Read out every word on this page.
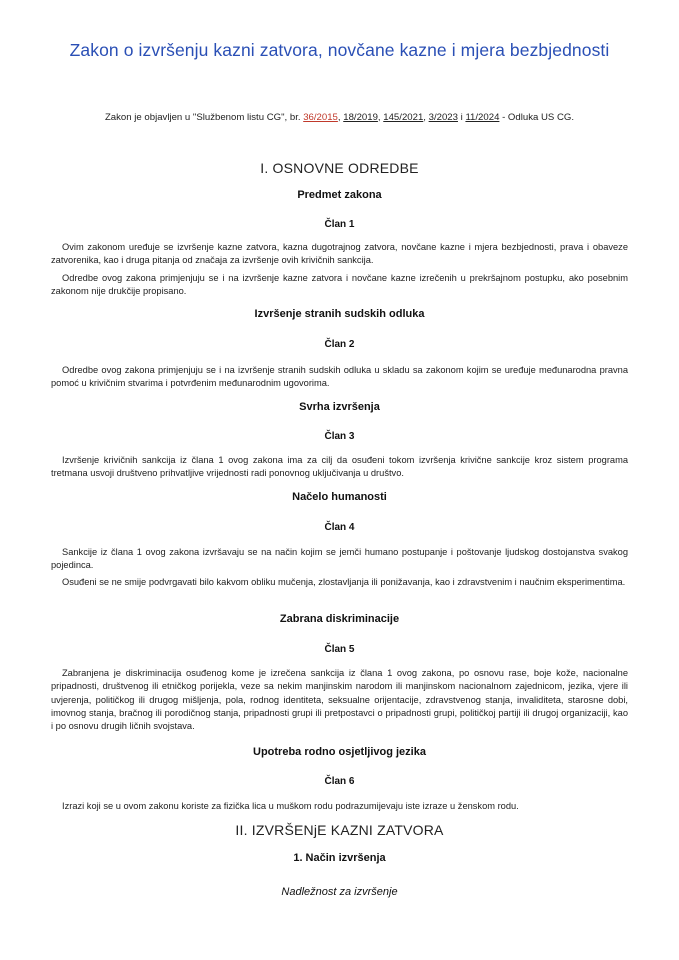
Zakon o izvršenju kazni zatvora, novčane kazne i mjera bezbjednosti
Zakon je objavljen u "Službenom listu CG", br. 36/2015, 18/2019, 145/2021, 3/2023 i 11/2024 - Odluka US CG.
I. OSNOVNE ODREDBE
Predmet zakona
Član 1

Ovim zakonom uređuje se izvršenje kazne zatvora, kazna dugotrajnog zatvora, novčane kazne i mjera bezbjednosti, prava i obaveze zatvorenika, kao i druga pitanja od značaja za izvršenje ovih krivičnih sankcija.

Odredbe ovog zakona primjenjuju se i na izvršenje kazne zatvora i novčane kazne izrečenih u prekršajnom postupku, ako posebnim zakonom nije drukčije propisano.

Izvršenje stranih sudskih odluka
Član 2

Odredbe ovog zakona primjenjuju se i na izvršenje stranih sudskih odluka u skladu sa zakonom kojim se uređuje međunarodna pravna pomoć u krivičnim stvarima i potvrđenim međunarodnim ugovorima.

Svrha izvršenja
Član 3

Izvršenje krivičnih sankcija iz člana 1 ovog zakona ima za cilj da osuđeni tokom izvršenja krivične sankcije kroz sistem programa tretmana usvoji društveno prihvatljive vrijednosti radi ponovnog uključivanja u društvo.

Načelo humanosti
Član 4

Sankcije iz člana 1 ovog zakona izvršavaju se na način kojim se jemči humano postupanje i poštovanje ljudskog dostojanstva svakog pojedinca.

Osuđeni se ne smije podvrgavati bilo kakvom obliku mučenja, zlostavljanja ili ponižavanja, kao i zdravstvenim i naučnim eksperimentima.

Zabrana diskriminacije
Član 5

Zabranjena je diskriminacija osuđenog kome je izrečena sankcija iz člana 1 ovog zakona, po osnovu rase, boje kože, nacionalne pripadnosti, društvenog ili etničkog porijekla, veze sa nekim manjinskim narodom ili manjinskom nacionalnom zajednicom, jezika, vjere ili uvjerenja, političkog ili drugog mišljenja, pola, rodnog identiteta, seksualne orijentacije, zdravstvenog stanja, invaliditeta, starosne dobi, imovnog stanja, bračnog ili porodičnog stanja, pripadnosti grupi ili pretpostavci o pripadnosti grupi, političkoj partiji ili drugoj organizaciji, kao i po osnovu drugih ličnih svojstava.

Upotreba rodno osjetljivog jezika
Član 6

Izrazi koji se u ovom zakonu koriste za fizička lica u muškom rodu podrazumijevaju iste izraze u ženskom rodu.

II. IZVRŠENjE KAZNI ZATVORA
1. Način izvršenja
Nadležnost za izvršenje
